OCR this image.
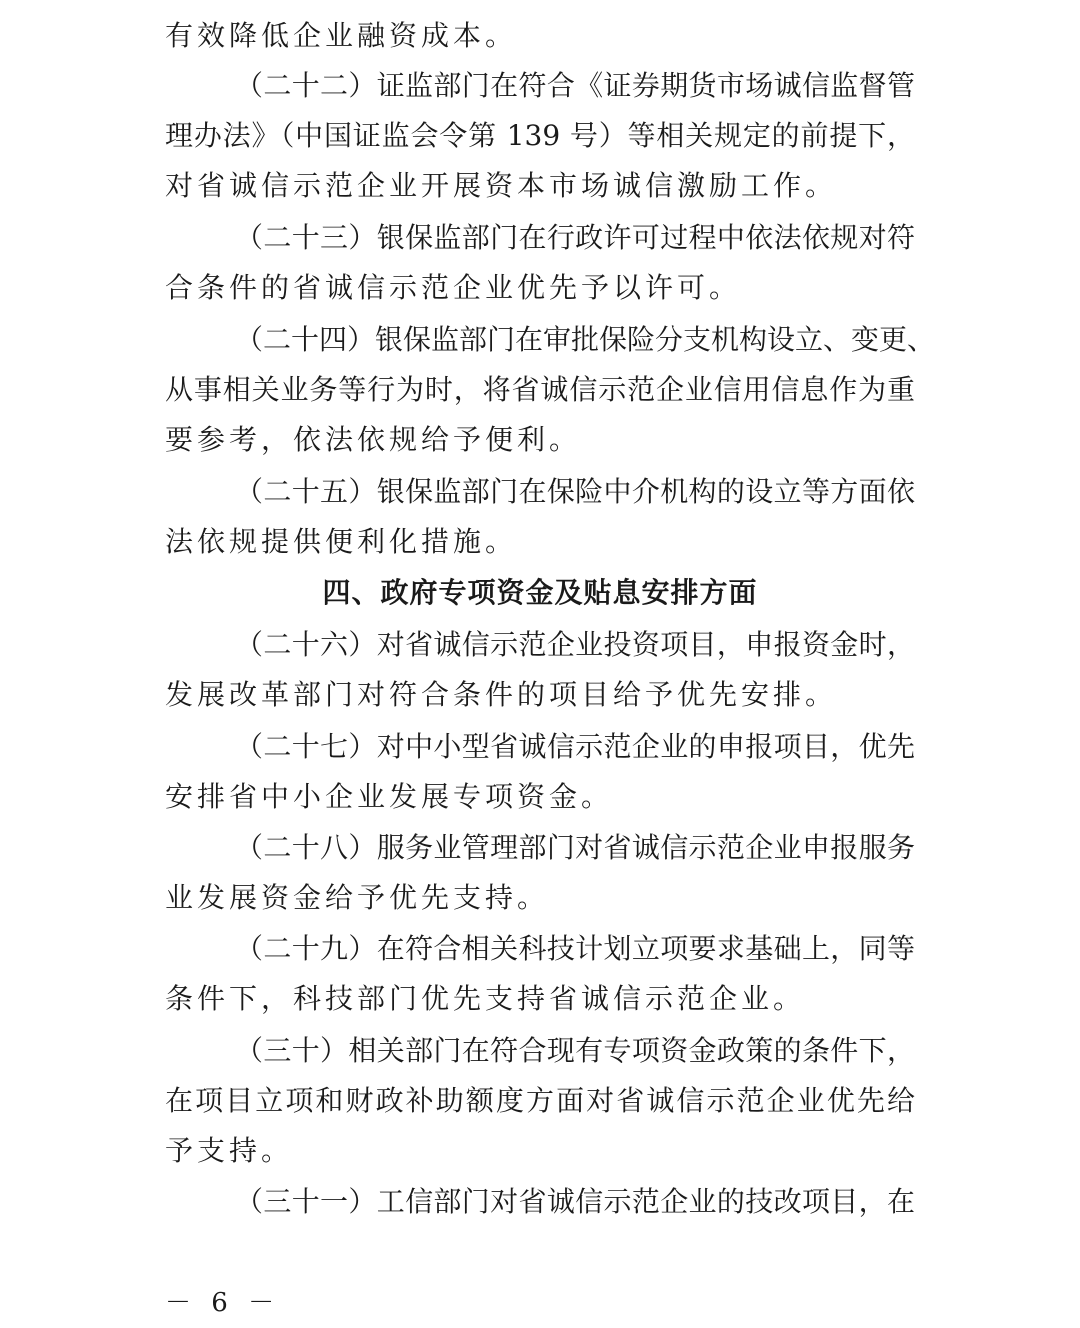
有效降低企业融资成本。
（二十二）证监部门在符合《证券期货市场诚信监督管
理办法》（中国证监会令第 139 号）等相关规定的前提下，
对省诚信示范企业开展资本市场诚信激励工作。
（二十三）银保监部门在行政许可过程中依法依规对符
合条件的省诚信示范企业优先予以许可。
（二十四）银保监部门在审批保险分支机构设立、变更、
从事相关业务等行为时，将省诚信示范企业信用信息作为重
要参考，依法依规给予便利。
（二十五）银保监部门在保险中介机构的设立等方面依
法依规提供便利化措施。
四、政府专项资金及贴息安排方面
（二十六）对省诚信示范企业投资项目，申报资金时，
发展改革部门对符合条件的项目给予优先安排。
（二十七）对中小型省诚信示范企业的申报项目，优先
安排省中小企业发展专项资金。
（二十八）服务业管理部门对省诚信示范企业申报服务
业发展资金给予优先支持。
（二十九）在符合相关科技计划立项要求基础上，同等
条件下，科技部门优先支持省诚信示范企业。
（三十）相关部门在符合现有专项资金政策的条件下，
在项目立项和财政补助额度方面对省诚信示范企业优先给
予支持。
（三十一）工信部门对省诚信示范企业的技改项目，在
－ 6 －
